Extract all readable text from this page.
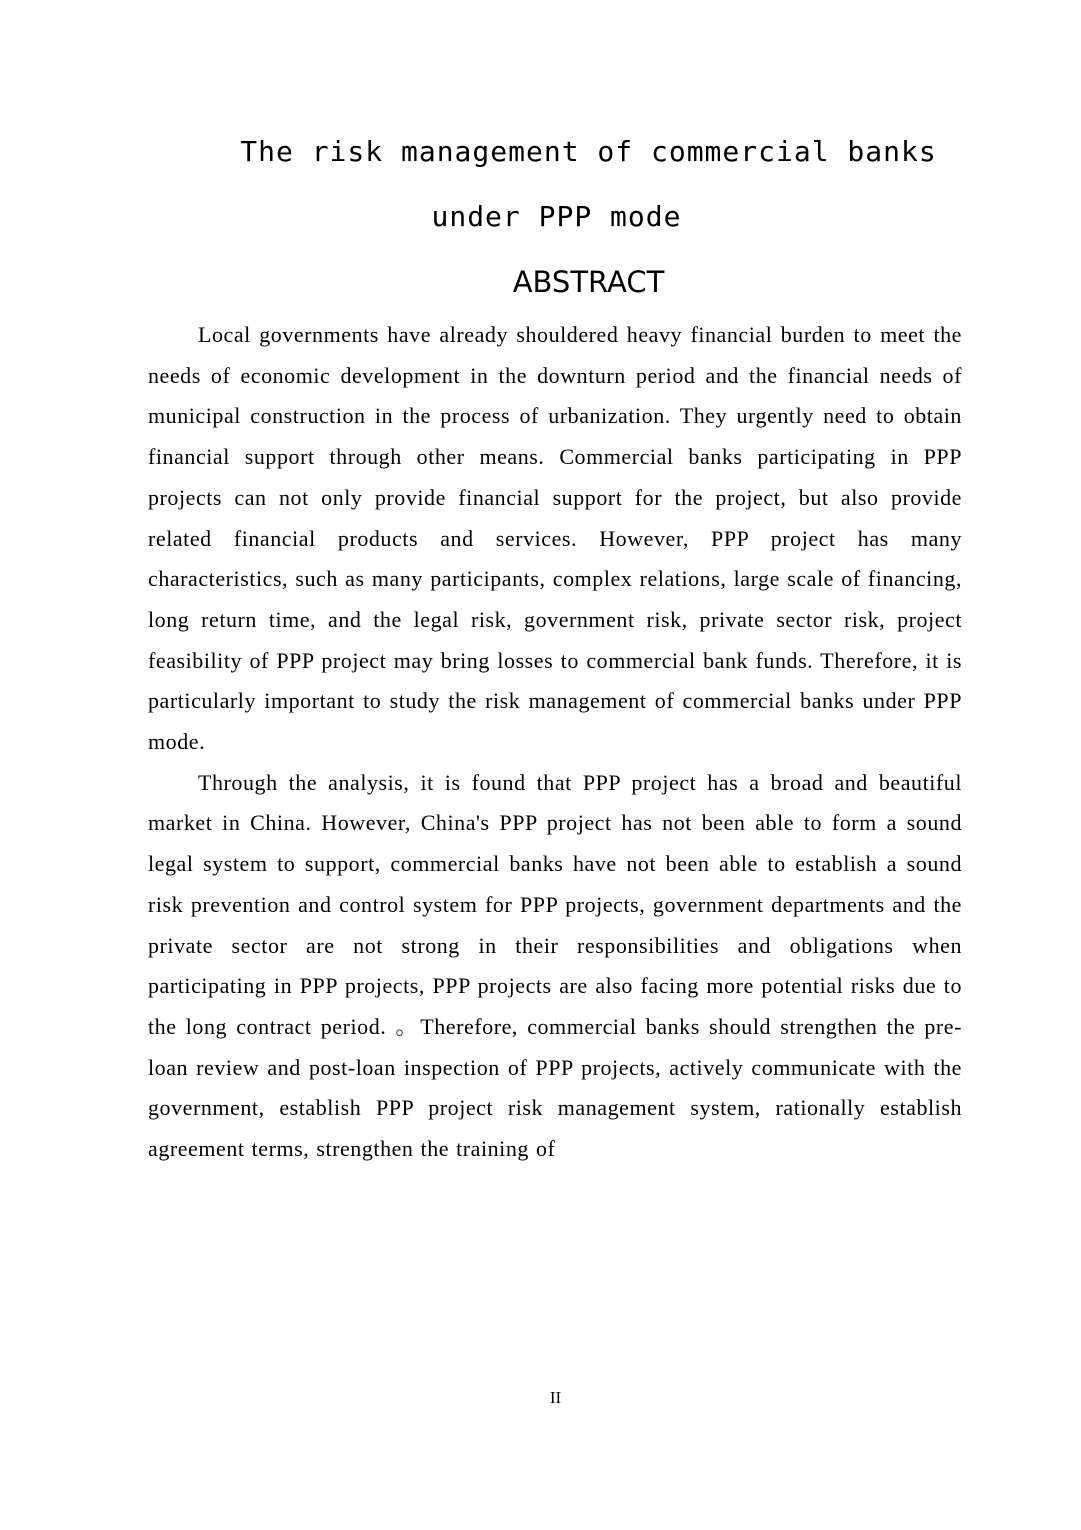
The risk management of commercial banks
under PPP mode
ABSTRACT

Local governments have already shouldered heavy financial burden to meet the needs of economic development in the downturn period and the financial needs of municipal construction in the process of urbanization. They urgently need to obtain financial support through other means. Commercial banks participating in PPP projects can not only provide financial support for the project, but also provide related financial products and services. However, PPP project has many characteristics, such as many participants, complex relations, large scale of financing, long return time, and the legal risk, government risk, private sector risk, project feasibility of PPP project may bring losses to commercial bank funds. Therefore, it is particularly important to study the risk management of commercial banks under PPP mode.

Through the analysis, it is found that PPP project has a broad and beautiful market in China. However, China's PPP project has not been able to form a sound legal system to support, commercial banks have not been able to establish a sound risk prevention and control system for PPP projects, government departments and the private sector are not strong in their responsibilities and obligations when participating in PPP projects, PPP projects are also facing more potential risks due to the long contract period. 。Therefore, commercial banks should strengthen the pre-loan review and post-loan inspection of PPP projects, actively communicate with the government, establish PPP project risk management system, rationally establish agreement terms, strengthen the training of

II
